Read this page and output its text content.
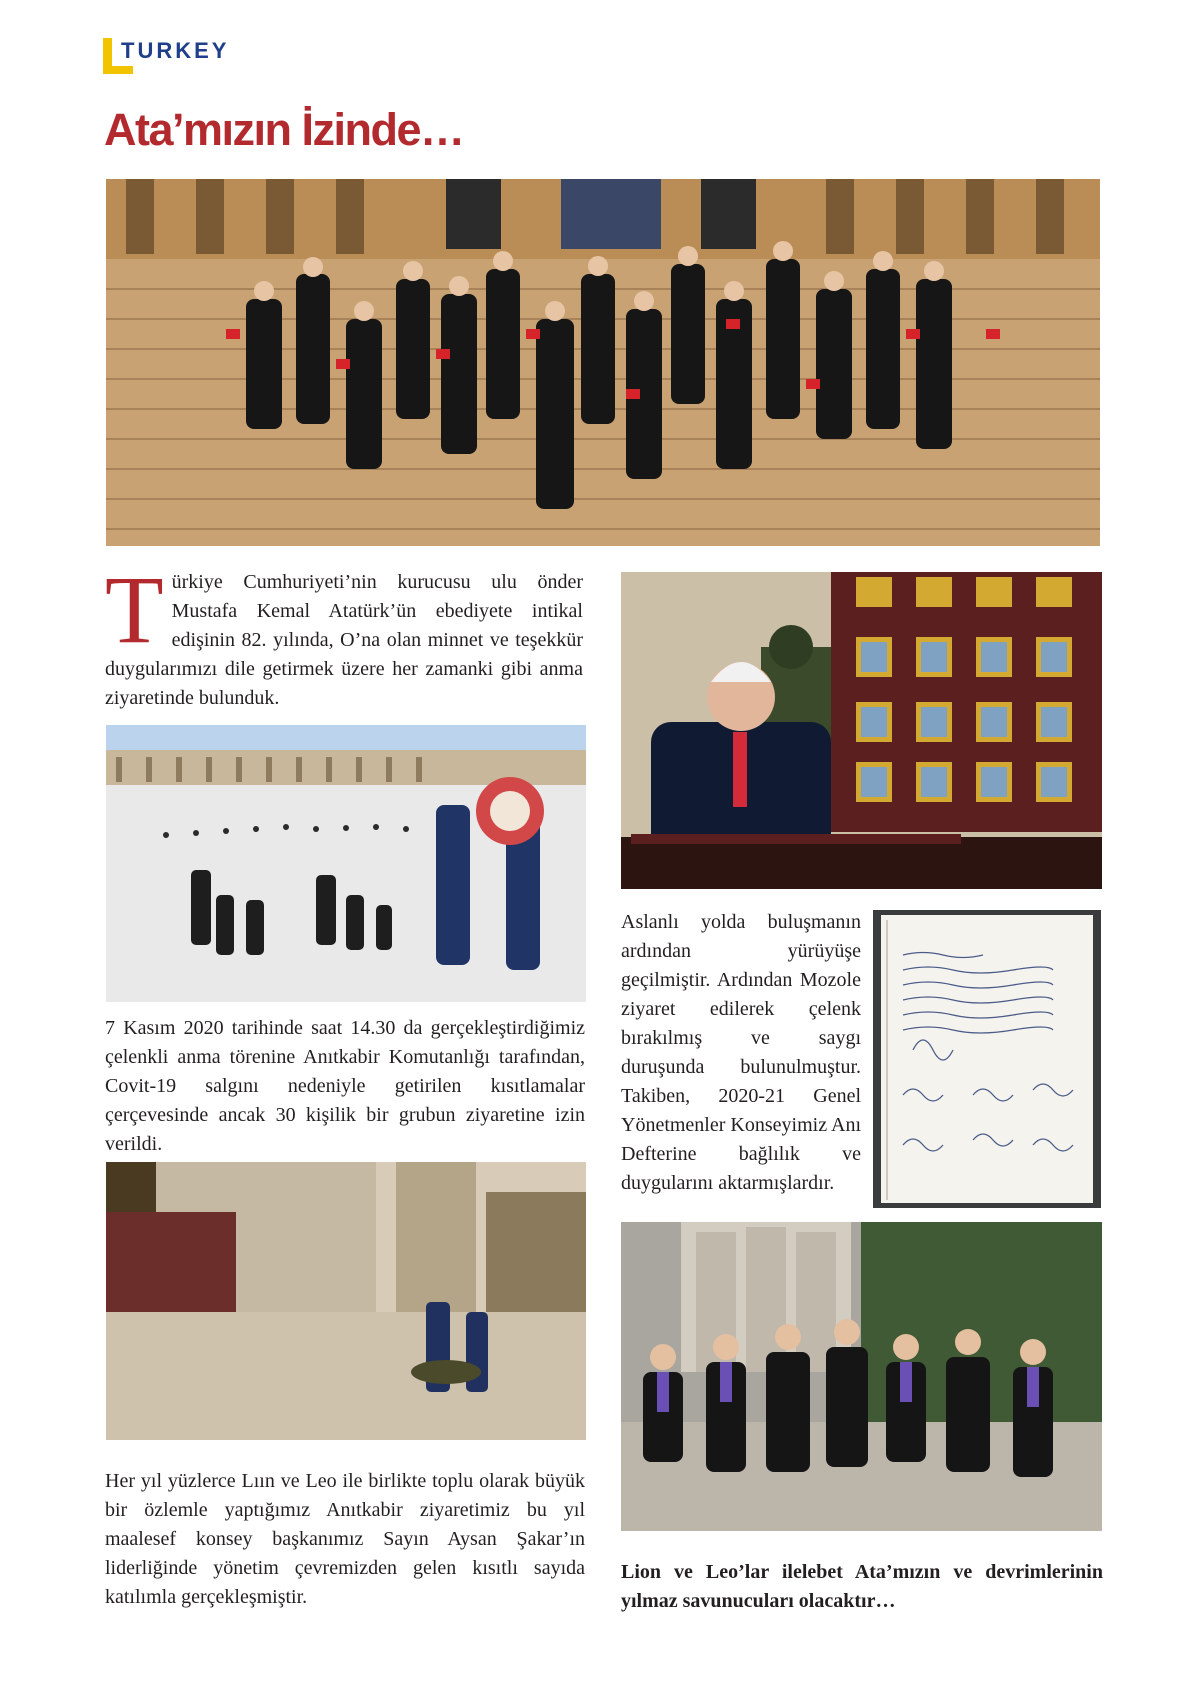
TURKEY
Ata’mızın İzinde…
T ürkiye Cumhuriyeti’nin kurucusu ulu önder Mustafa Kemal Atatürk’ün ebediyete intikal edişinin 82. yılında, O’na olan minnet ve teşekkür duygularımızı dile getirmek üzere her zamanki gibi anma ziyaretinde bulunduk.
7 Kasım 2020 tarihinde saat 14.30 da gerçekleştirdiğimiz çelenkli anma törenine Anıtkabir Komutanlığı tarafından, Covit-19 salgını nedeniyle getirilen kısıtlamalar çerçevesinde ancak 30 kişilik bir grubun ziyaretine izin verildi.
Her yıl yüzlerce Lıın ve Leo ile birlikte toplu olarak büyük bir özlemle yaptığımız Anıtkabir ziyaretimiz bu yıl maalesef konsey başkanımız Sayın Aysan Şakar’ın liderliğinde yönetim çevremizden gelen kısıtlı sayıda katılımla gerçekleşmiştir.
Aslanlı yolda buluşmanın ardından yürüyüşe geçilmiştir. Ardından Mozole ziyaret edilerek çelenk bırakılmış ve saygı duruşunda bulunulmuştur. Takiben, 2020-21 Genel Yönetmenler Konseyimiz Anı Defterine bağlılık ve duygularını aktarmışlardır.
Lion ve Leo’lar ilelebet Ata’mızın ve devrimlerinin yılmaz savunucuları olacaktır…
